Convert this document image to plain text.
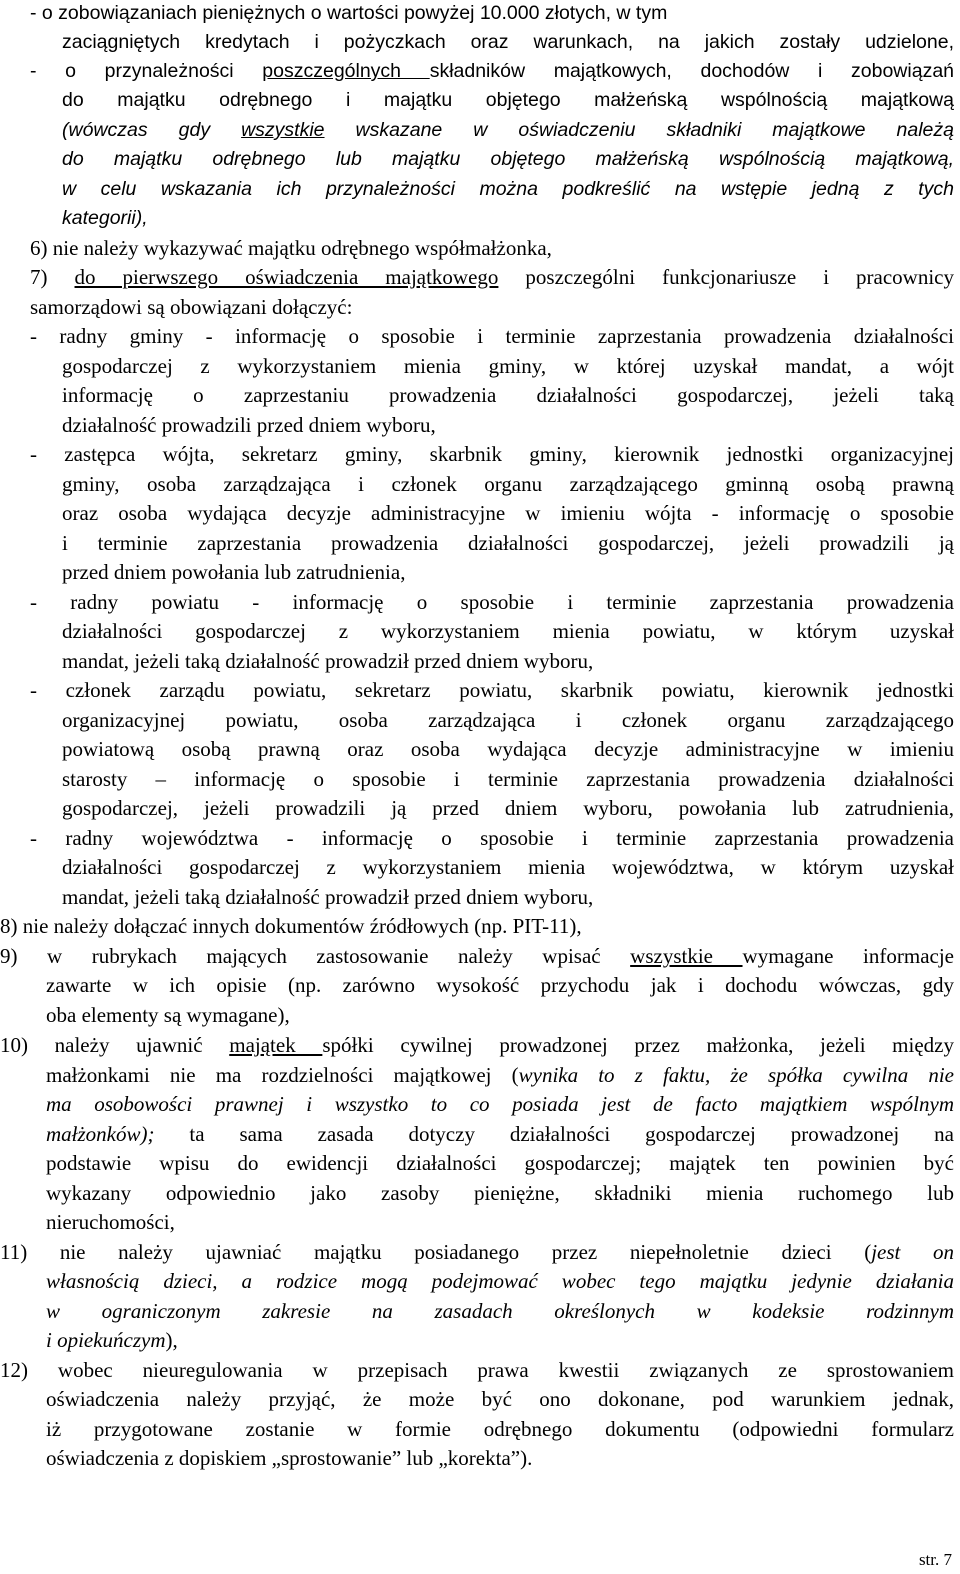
- o zobowiązaniach pieniężnych o wartości powyżej 10.000 złotych, w tym
zaciągniętych kredytach i pożyczkach oraz warunkach, na jakich zostały udzielone,
- o przynależności poszczególnych składników majątkowych, dochodów i zobowiązań
do majątku odrębnego i majątku objętego małżeńską wspólnością majątkową
(wówczas gdy wszystkie wskazane w oświadczeniu składniki majątkowe należą
do majątku odrębnego lub majątku objętego małżeńską wspólnością majątkową,
w celu wskazania ich przynależności można podkreślić na wstępie jedną z tych
kategorii),
6) nie należy wykazywać majątku odrębnego współmałżonka,
7) do pierwszego oświadczenia majątkowego poszczególni funkcjonariusze i pracownicy
samorządowi są obowiązani dołączyć:
- radny gminy - informację o sposobie i terminie zaprzestania prowadzenia działalności
gospodarczej z wykorzystaniem mienia gminy, w której uzyskał mandat, a wójt
informację o zaprzestaniu prowadzenia działalności gospodarczej, jeżeli taką
działalność prowadzili przed dniem wyboru,
- zastępca wójta, sekretarz gminy, skarbnik gminy, kierownik jednostki organizacyjnej
gminy, osoba zarządzająca i członek organu zarządzającego gminną osobą prawną
oraz osoba wydająca decyzje administracyjne w imieniu wójta - informację o sposobie
i terminie zaprzestania prowadzenia działalności gospodarczej, jeżeli prowadzili ją
przed dniem powołania lub zatrudnienia,
- radny powiatu - informację o sposobie i terminie zaprzestania prowadzenia
działalności gospodarczej z wykorzystaniem mienia powiatu, w którym uzyskał
mandat, jeżeli taką działalność prowadził przed dniem wyboru,
- członek zarządu powiatu, sekretarz powiatu, skarbnik powiatu, kierownik jednostki
organizacyjnej powiatu, osoba zarządzająca i członek organu zarządzającego
powiatową osobą prawną oraz osoba wydająca decyzje administracyjne w imieniu
starosty – informację o sposobie i terminie zaprzestania prowadzenia działalności
gospodarczej, jeżeli prowadzili ją przed dniem wyboru, powołania lub zatrudnienia,
- radny województwa - informację o sposobie i terminie zaprzestania prowadzenia
działalności gospodarczej z wykorzystaniem mienia województwa, w którym uzyskał
mandat, jeżeli taką działalność prowadził przed dniem wyboru,
8) nie należy dołączać innych dokumentów źródłowych (np. PIT-11),
9) w rubrykach mających zastosowanie należy wpisać wszystkie wymagane informacje
zawarte w ich opisie (np. zarówno wysokość przychodu jak i dochodu wówczas, gdy
oba elementy są wymagane),
10) należy ujawnić majątek spółki cywilnej prowadzonej przez małżonka, jeżeli między
małżonkami nie ma rozdzielności majątkowej (wynika to z faktu, że spółka cywilna nie
ma osobowości prawnej i wszystko to co posiada jest de facto majątkiem wspólnym
małżonków); ta sama zasada dotyczy działalności gospodarczej prowadzonej na
podstawie wpisu do ewidencji działalności gospodarczej; majątek ten powinien być
wykazany odpowiednio jako zasoby pieniężne, składniki mienia ruchomego lub
nieruchomości,
11) nie należy ujawniać majątku posiadanego przez niepełnoletnie dzieci (jest on
własnością dzieci, a rodzice mogą podejmować wobec tego majątku jedynie działania
w ograniczonym zakresie na zasadach określonych w kodeksie rodzinnym
i opiekuńczym),
12) wobec nieuregulowania w przepisach prawa kwestii związanych ze sprostowaniem
oświadczenia należy przyjąć, że może być ono dokonane, pod warunkiem jednak,
iż przygotowane zostanie w formie odrębnego dokumentu (odpowiedni formularz
oświadczenia z dopiskiem „sprostowanie” lub „korekta”).
str. 7
